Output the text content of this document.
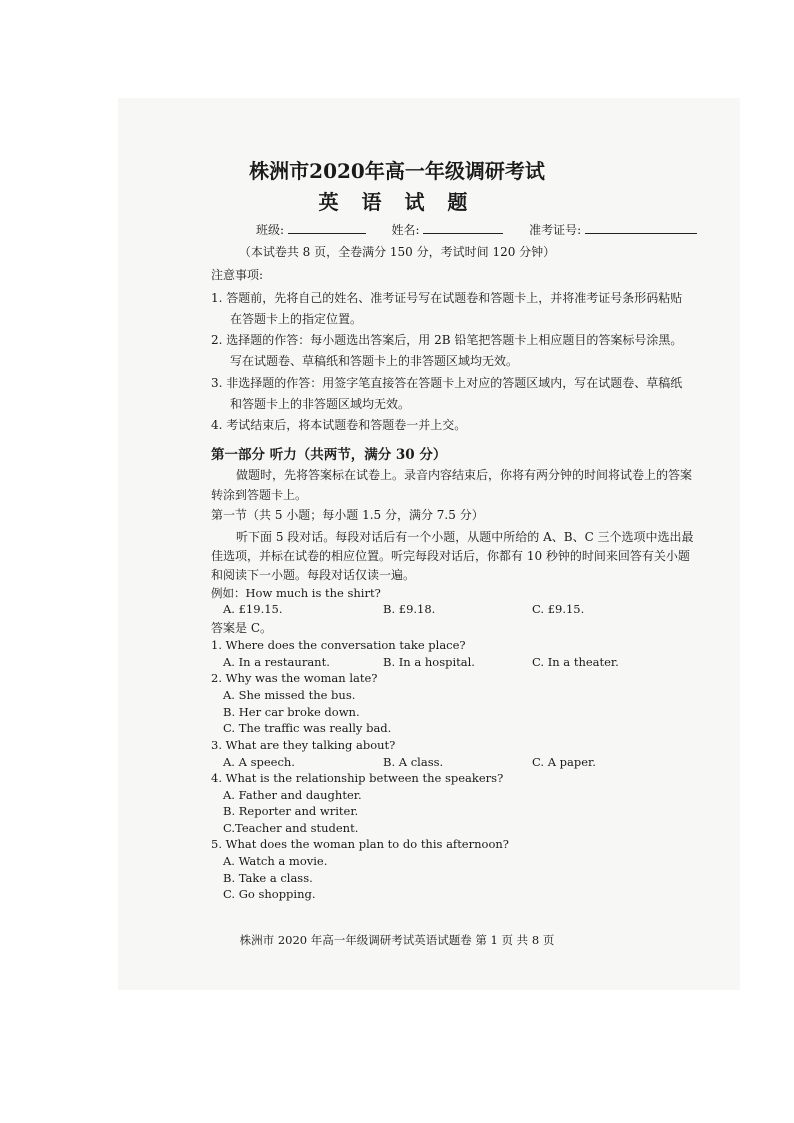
株洲市2020年高一年级调研考试
英 语 试 题
班级:	姓名:	准考证号:
（本试卷共 8 页，全卷满分 150 分，考试时间 120 分钟）
注意事项:
1. 答题前，先将自己的姓名、准考证号写在试题卷和答题卡上，并将准考证号条形码粘贴
在答题卡上的指定位置。
2. 选择题的作答：每小题选出答案后，用 2B 铅笔把答题卡上相应题目的答案标号涂黑。
写在试题卷、草稿纸和答题卡上的非答题区域均无效。
3. 非选择题的作答：用签字笔直接答在答题卡上对应的答题区域内，写在试题卷、草稿纸
和答题卡上的非答题区域均无效。
4. 考试结束后，将本试题卷和答题卷一并上交。
第一部分 听力（共两节，满分 30 分）
做题时，先将答案标在试卷上。录音内容结束后，你将有两分钟的时间将试卷上的答案
转涂到答题卡上。
第一节（共 5 小题；每小题 1.5 分，满分 7.5 分）
听下面 5 段对话。每段对话后有一个小题，从题中所给的 A、B、C 三个选项中选出最
佳选项，并标在试卷的相应位置。听完每段对话后，你都有 10 秒钟的时间来回答有关小题
和阅读下一小题。每段对话仅读一遍。
例如：How much is the shirt?
A. £19.15.	B. £9.18.	C. £9.15.
答案是 C。
1. Where does the conversation take place?
A. In a restaurant.	B. In a hospital.	C. In a theater.
2. Why was the woman late?
A. She missed the bus.
B. Her car broke down.
C. The traffic was really bad.
3. What are they talking about?
A. A speech.	B. A class.	C. A paper.
4. What is the relationship between the speakers?
A. Father and daughter.
B. Reporter and writer.
C.Teacher and student.
5. What does the woman plan to do this afternoon?
A. Watch a movie.
B. Take a class.
C. Go shopping.
株洲市 2020 年高一年级调研考试英语试题卷 第 1 页 共 8 页
